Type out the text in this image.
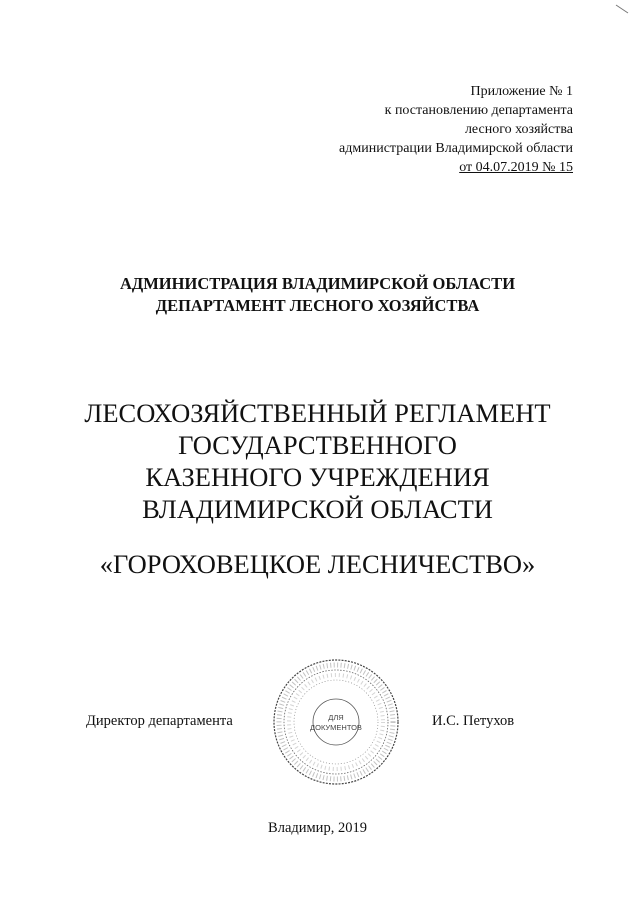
Приложение № 1
к постановлению департамента
лесного хозяйства
администрации Владимирской области
от 04.07.2019 № 15
АДМИНИСТРАЦИЯ ВЛАДИМИРСКОЙ ОБЛАСТИ
ДЕПАРТАМЕНТ ЛЕСНОГО ХОЗЯЙСТВА
ЛЕСОХОЗЯЙСТВЕННЫЙ РЕГЛАМЕНТ
ГОСУДАРСТВЕННОГО
КАЗЕННОГО УЧРЕЖДЕНИЯ
ВЛАДИМИРСКОЙ ОБЛАСТИ
«ГОРОХОВЕЦКОЕ ЛЕСНИЧЕСТВО»
Директор департамента	ДЛЯ
ДОКУМЕНТОВ	И.С. Петухов
Владимир, 2019
